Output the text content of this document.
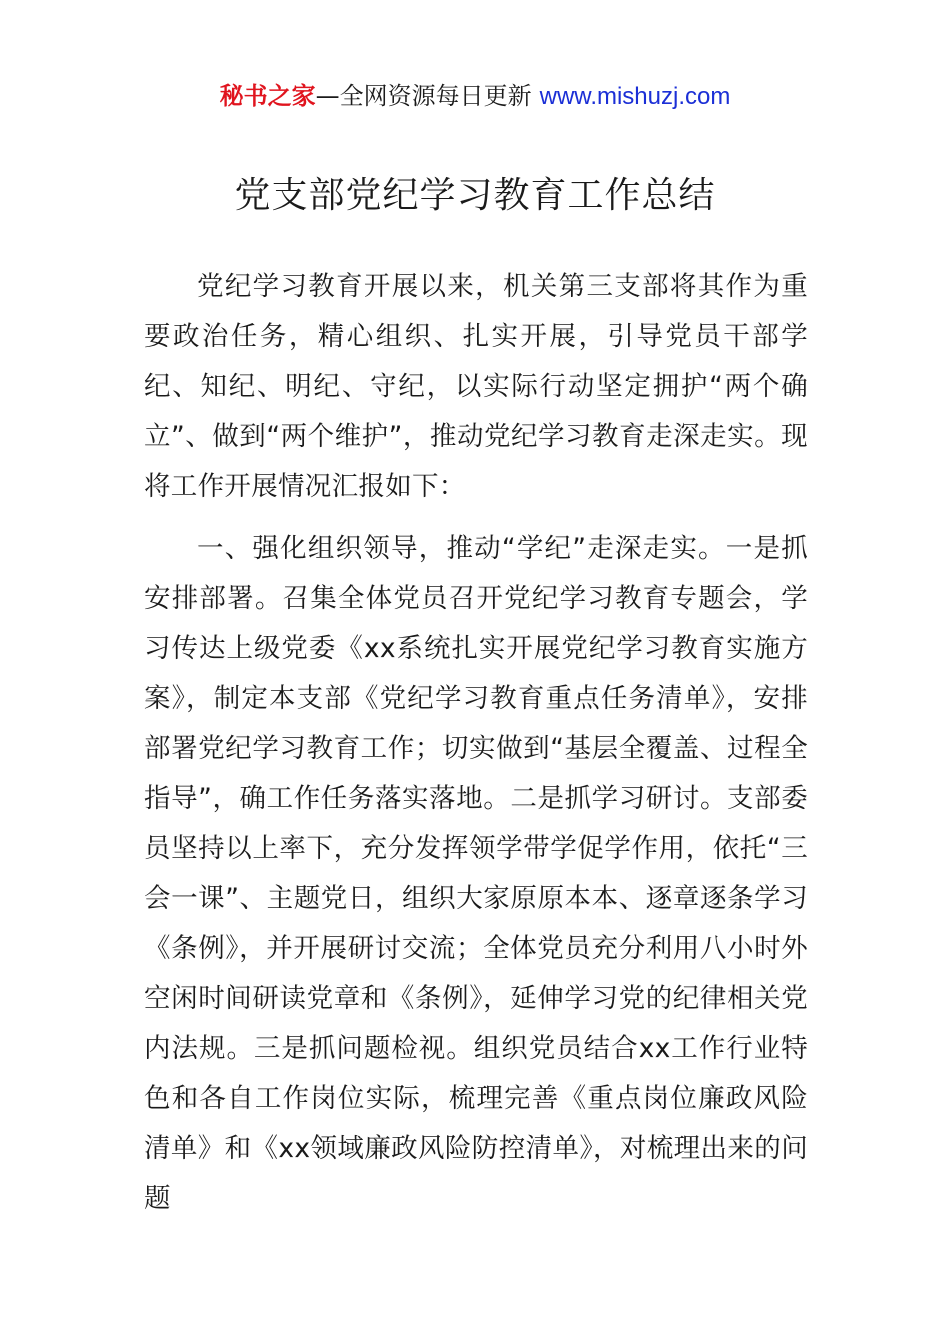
秘书之家—全网资源每日更新 www.mishuzj.com
党支部党纪学习教育工作总结

党纪学习教育开展以来，机关第三支部将其作为重要政治任务，精心组织、扎实开展，引导党员干部学纪、知纪、明纪、守纪，以实际行动坚定拥护“两个确立”、做到“两个维护”，推动党纪学习教育走深走实。现将工作开展情况汇报如下：

一、强化组织领导，推动“学纪”走深走实。一是抓安排部署。召集全体党员召开党纪学习教育专题会，学习传达上级党委《xx系统扎实开展党纪学习教育实施方案》，制定本支部《党纪学习教育重点任务清单》，安排部署党纪学习教育工作；切实做到“基层全覆盖、过程全指导”，确工作任务落实落地。二是抓学习研讨。支部委员坚持以上率下，充分发挥领学带学促学作用，依托“三会一课”、主题党日，组织大家原原本本、逐章逐条学习《条例》，并开展研讨交流；全体党员充分利用八小时外空闲时间研读党章和《条例》，延伸学习党的纪律相关党内法规。三是抓问题检视。组织党员结合xx工作行业特色和各自工作岗位实际，梳理完善《重点岗位廉政风险清单》和《xx领域廉政风险防控清单》，对梳理出来的问题
